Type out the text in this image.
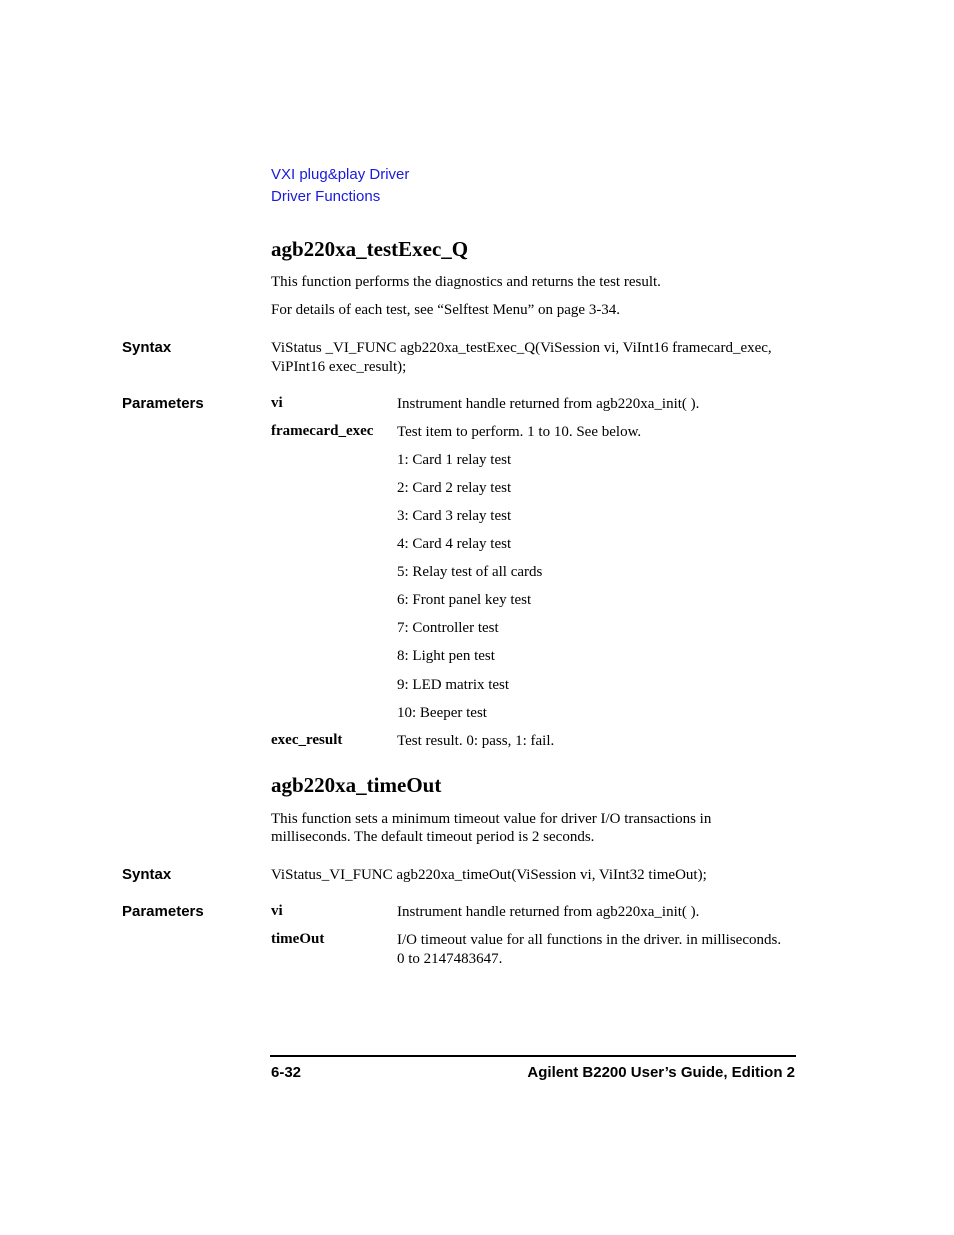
VXI plug&play Driver
Driver Functions
agb220xa_testExec_Q
This function performs the diagnostics and returns the test result.
For details of each test, see “Selftest Menu” on page 3-34.
Syntax	ViStatus _VI_FUNC agb220xa_testExec_Q(ViSession vi, ViInt16 framecard_exec,
ViPInt16 exec_result);
Parameters	vi	Instrument handle returned from agb220xa_init( ).
framecard_exec Test item to perform. 1 to 10. See below.
1: Card 1 relay test
2: Card 2 relay test
3: Card 3 relay test
4: Card 4 relay test
5: Relay test of all cards
6: Front panel key test
7: Controller test
8: Light pen test
9: LED matrix test
10: Beeper test
exec_result	Test result. 0: pass, 1: fail.
agb220xa_timeOut
This function sets a minimum timeout value for driver I/O transactions in
milliseconds. The default timeout period is 2 seconds.
Syntax	ViStatus_VI_FUNC agb220xa_timeOut(ViSession vi, ViInt32 timeOut);
Parameters	vi	Instrument handle returned from agb220xa_init( ).
timeOut	I/O timeout value for all functions in the driver. in milliseconds.
0 to 2147483647.
6-32	Agilent B2200 User’s Guide, Edition 2
